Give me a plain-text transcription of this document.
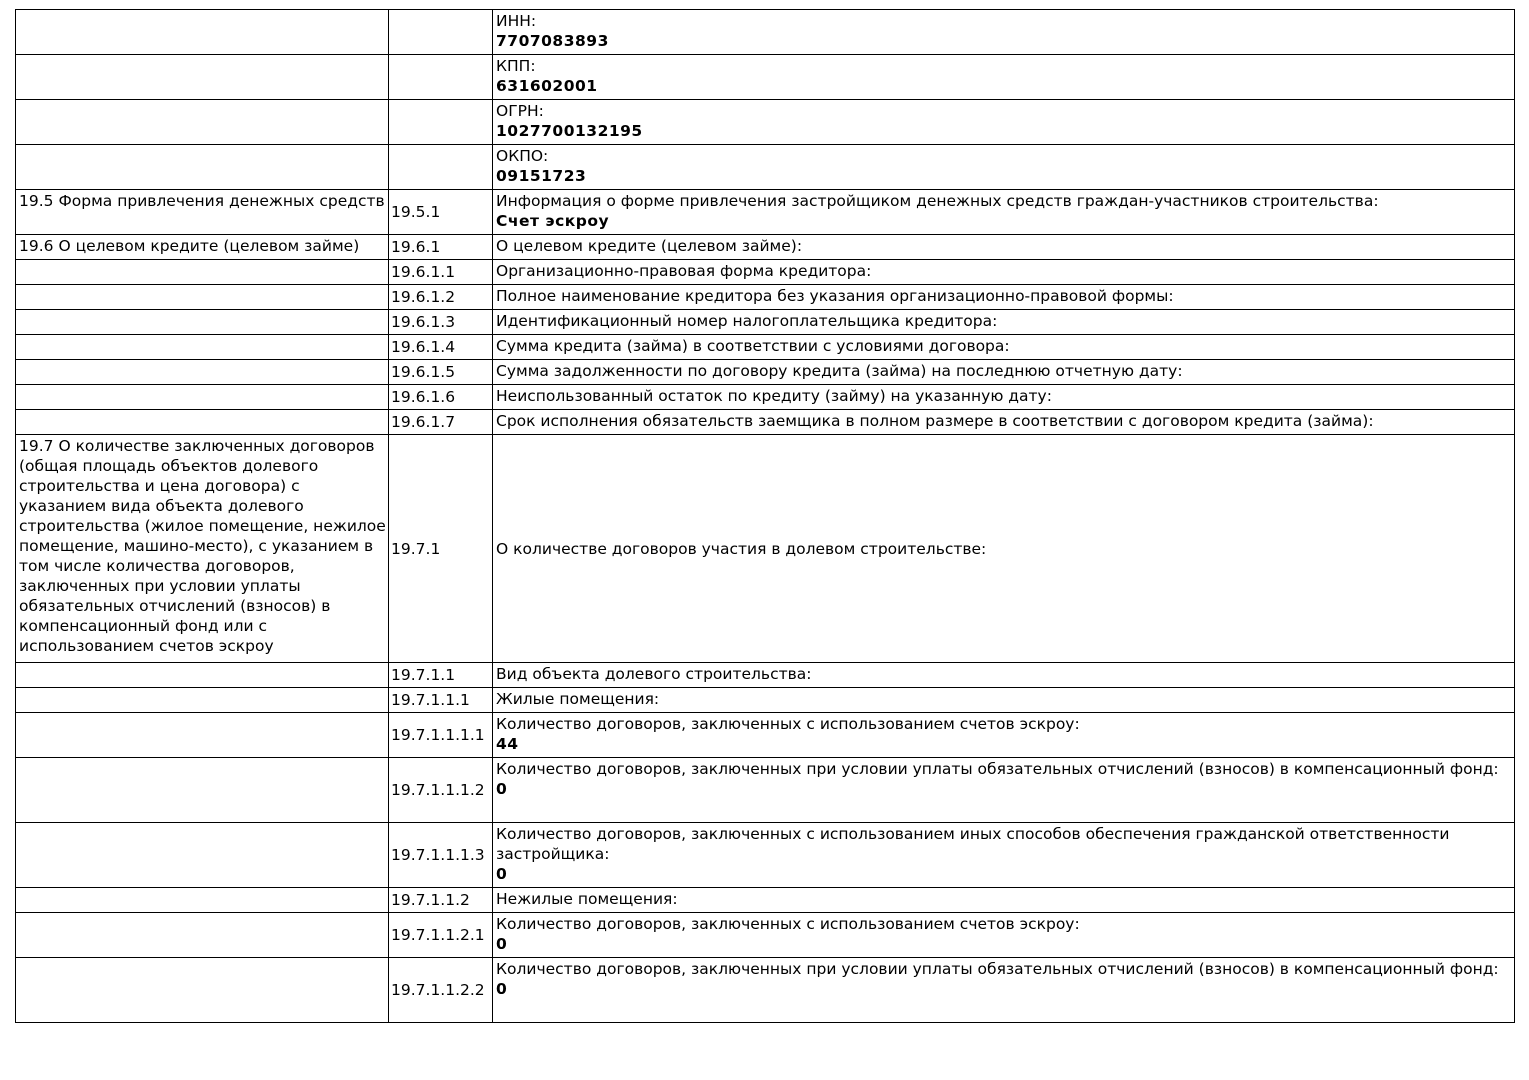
		ИНН:
7707083893

		КПП:
631602001

		ОГРН:
1027700132195

		ОКПО:
09151723

19.5 Форма привлечения денежных средств	19.5.1	Информация о форме привлечения застройщиком денежных средств граждан-участников строительства:
Счет эскроу

19.6 О целевом кредите (целевом займе)	19.6.1	О целевом кредите (целевом займе):

	19.6.1.1	Организационно-правовая форма кредитора:

	19.6.1.2	Полное наименование кредитора без указания организационно-правовой формы:

	19.6.1.3	Идентификационный номер налогоплательщика кредитора:

	19.6.1.4	Сумма кредита (займа) в соответствии с условиями договора:

	19.6.1.5	Сумма задолженности по договору кредита (займа) на последнюю отчетную дату:

	19.6.1.6	Неиспользованный остаток по кредиту (займу) на указанную дату:

	19.6.1.7	Срок исполнения обязательств заемщика в полном размере в соответствии с договором кредита (займа):

19.7 О количестве заключенных договоров (общая площадь объектов долевого строительства и цена договора) с указанием вида объекта долевого строительства (жилое помещение, нежилое помещение, машино-место), с указанием в том числе количества договоров, заключенных при условии уплаты обязательных отчислений (взносов) в компенсационный фонд или с использованием счетов эскроу	19.7.1	О количестве договоров участия в долевом строительстве:

	19.7.1.1	Вид объекта долевого строительства:

	19.7.1.1.1	Жилые помещения:

	19.7.1.1.1.1	Количество договоров, заключенных с использованием счетов эскроу:
44

	19.7.1.1.1.2	Количество договоров, заключенных при условии уплаты обязательных отчислений (взносов) в компенсационный фонд:
0

	19.7.1.1.1.3	Количество договоров, заключенных с использованием иных способов обеспечения гражданской ответственности застройщика:
0

	19.7.1.1.2	Нежилые помещения:

	19.7.1.1.2.1	Количество договоров, заключенных с использованием счетов эскроу:
0

	19.7.1.1.2.2	Количество договоров, заключенных при условии уплаты обязательных отчислений (взносов) в компенсационный фонд:
0
